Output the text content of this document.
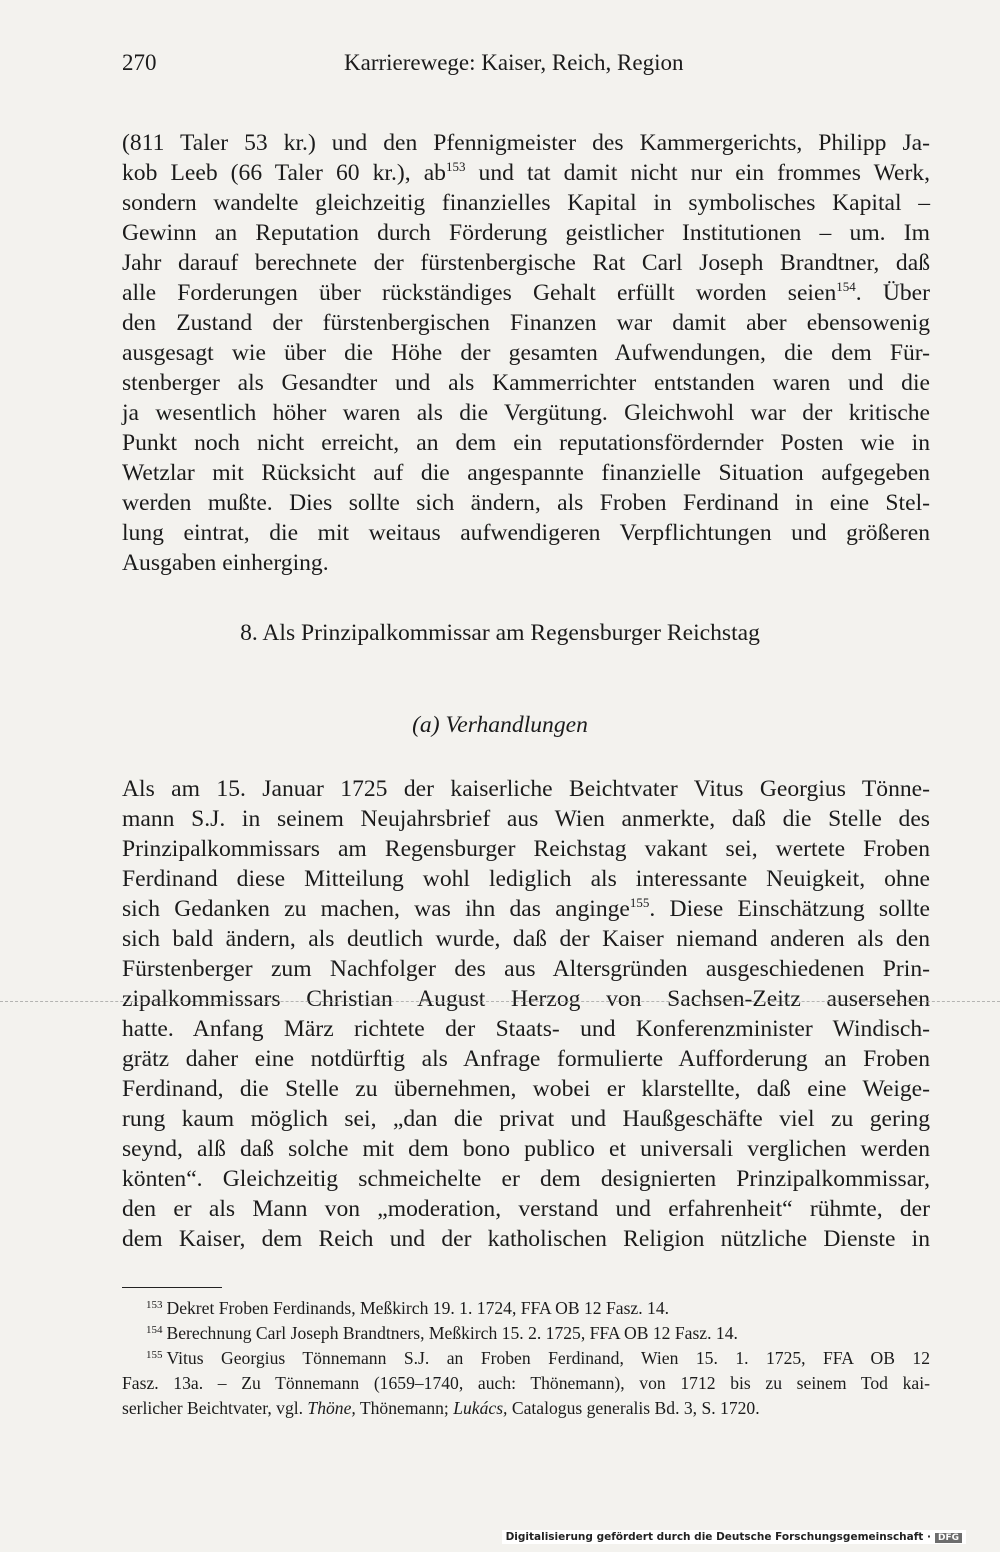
270	Karrierewege: Kaiser, Reich, Region
(811 Taler 53 kr.) und den Pfennigmeister des Kammergerichts, Philipp Ja-
kob Leeb (66 Taler 60 kr.), $ab^{153}$ und tat damit nicht nur ein frommes Werk,
sondern wandelte gleichzeitig finanzielles Kapital in symbolisches Kapital –
Gewinn an Reputation durch Förderung geistlicher Institutionen – um. Im
Jahr darauf berechnete der fürstenbergische Rat Carl Joseph Brandtner, daß
alle Forderungen über rückständiges Gehalt erfüllt worden seien$^{154}$. Über
den Zustand der fürstenbergischen Finanzen war damit aber ebensowenig
ausgesagt wie über die Höhe der gesamten Aufwendungen, die dem Für-
stenberger als Gesandter und als Kammerrichter entstanden waren und die
ja wesentlich höher waren als die Vergütung. Gleichwohl war der kritische
Punkt noch nicht erreicht, an dem ein reputationsfördernder Posten wie in
Wetzlar mit Rücksicht auf die angespannte finanzielle Situation aufgegeben
werden mußte. Dies sollte sich ändern, als Froben Ferdinand in eine Stel-
lung eintrat, die mit weitaus aufwendigeren Verpflichtungen und größeren
Ausgaben einherging.
8. Als Prinzipalkommissar am Regensburger Reichstag
(a) Verhandlungen
Als am 15. Januar 1725 der kaiserliche Beichtvater Vitus Georgius Tönne-
mann S.J. in seinem Neujahrsbrief aus Wien anmerkte, daß die Stelle des
Prinzipalkommissars am Regensburger Reichstag vakant sei, wertete Froben
Ferdinand diese Mitteilung wohl lediglich als interessante Neuigkeit, ohne
sich Gedanken zu machen, was ihn das anginge$^{155}$. Diese Einschätzung sollte
sich bald ändern, als deutlich wurde, daß der Kaiser niemand anderen als den
Fürstenberger zum Nachfolger des aus Altersgründen ausgeschiedenen Prin-
zipalkommissars Christian August Herzog von Sachsen-Zeitz ausersehen
hatte. Anfang März richtete der Staats- und Konferenzminister Windisch-
grätz daher eine notdürftig als Anfrage formulierte Aufforderung an Froben
Ferdinand, die Stelle zu übernehmen, wobei er klarstellte, daß eine Weige-
rung kaum möglich sei, „dan die privat und Haußgeschäfte viel zu gering
seynd, alß daß solche mit dem bono publico et universali verglichen werden
könten“. Gleichzeitig schmeichelte er dem designierten Prinzipalkommissar,
den er als Mann von „moderation, verstand und erfahrenheit“ rühmte, der
dem Kaiser, dem Reich und der katholischen Religion nützliche Dienste in
$^{153}$ Dekret Froben Ferdinands, Meßkirch 19. 1. 1724, FFA OB 12 Fasz. 14.
$^{154}$ Berechnung Carl Joseph Brandtners, Meßkirch 15. 2. 1725, FFA OB 12 Fasz. 14.
$^{155}$ Vitus Georgius Tönnemann S.J. an Froben Ferdinand, Wien 15. 1. 1725, FFA OB 12
Fasz. 13a. – Zu Tönnemann (1659–1740, auch: Thönemann), von 1712 bis zu seinem Tod kai-
serlicher Beichtvater, vgl. Thöne, Thönemann; Lukács, Catalogus generalis Bd. 3, S. 1720.
Digitalisierung gefördert durch die Deutsche Forschungsgemeinschaft · DFG
